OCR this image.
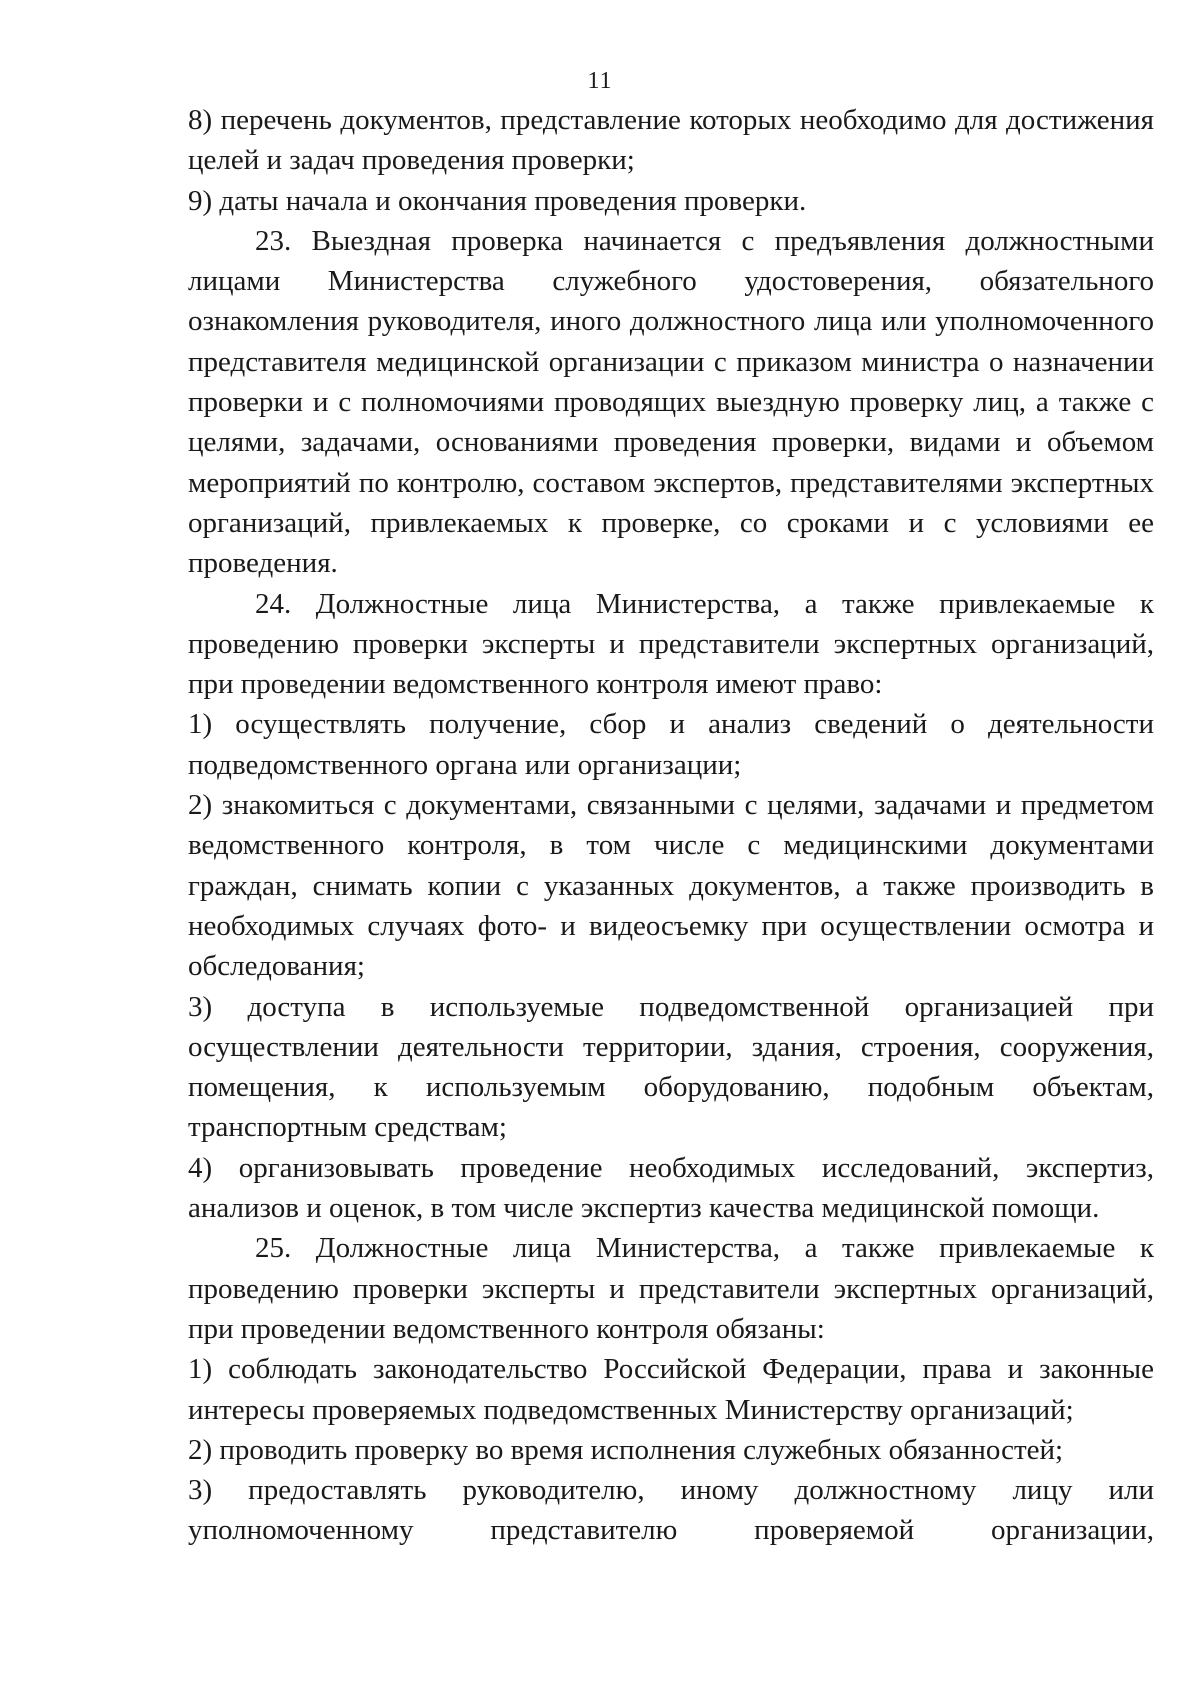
11

8) перечень документов, представление которых необходимо для достижения целей и задач проведения проверки;

9) даты начала и окончания проведения проверки.

23. Выездная проверка начинается с предъявления должностными лицами Министерства служебного удостоверения, обязательного ознакомления руководителя, иного должностного лица или уполномоченного представителя медицинской организации с приказом министра о назначении проверки и с полномочиями проводящих выездную проверку лиц, а также с целями, задачами, основаниями проведения проверки, видами и объемом мероприятий по контролю, составом экспертов, представителями экспертных организаций, привлекаемых к проверке, со сроками и с условиями ее проведения.

24. Должностные лица Министерства, а также привлекаемые к проведению проверки эксперты и представители экспертных организаций, при проведении ведомственного контроля имеют право:

1) осуществлять получение, сбор и анализ сведений о деятельности подведомственного органа или организации;

2) знакомиться с документами, связанными с целями, задачами и предметом ведомственного контроля, в том числе с медицинскими документами граждан, снимать копии с указанных документов, а также производить в необходимых случаях фото- и видеосъемку при осуществлении осмотра и обследования;

3) доступа в используемые подведомственной организацией при осуществлении деятельности территории, здания, строения, сооружения, помещения, к используемым оборудованию, подобным объектам, транспортным средствам;

4) организовывать проведение необходимых исследований, экспертиз, анализов и оценок, в том числе экспертиз качества медицинской помощи.

25. Должностные лица Министерства, а также привлекаемые к проведению проверки эксперты и представители экспертных организаций, при проведении ведомственного контроля обязаны:

1) соблюдать законодательство Российской Федерации, права и законные интересы проверяемых подведомственных Министерству организаций;

2) проводить проверку во время исполнения служебных обязанностей;

3) предоставлять руководителю, иному должностному лицу или уполномоченному представителю проверяемой организации,
